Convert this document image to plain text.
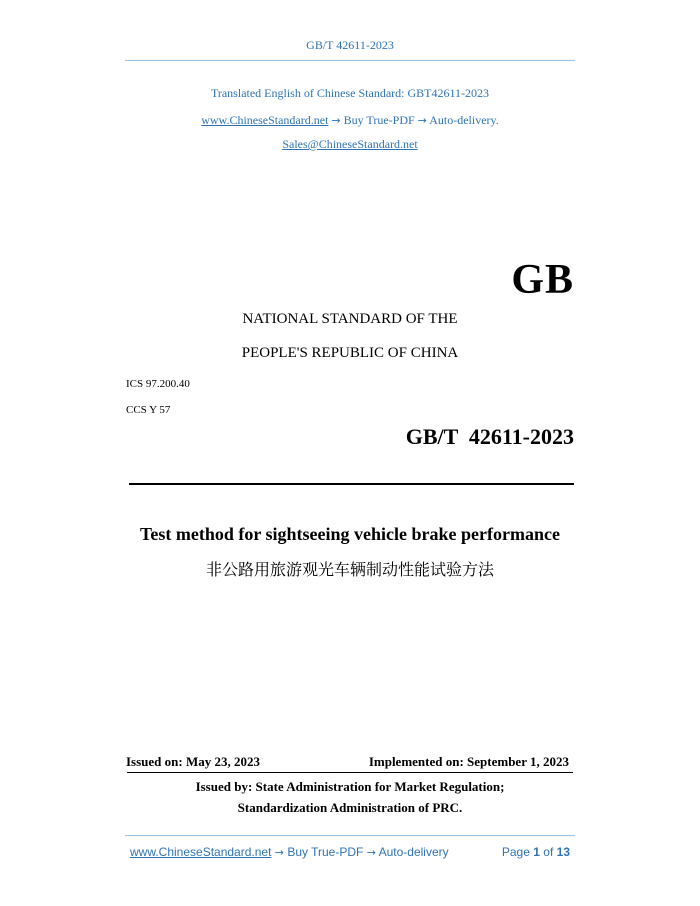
GB/T 42611-2023
Translated English of Chinese Standard: GBT42611-2023
www.ChineseStandard.net → Buy True-PDF → Auto-delivery.
Sales@ChineseStandard.net
GB
NATIONAL STANDARD OF THE
PEOPLE'S REPUBLIC OF CHINA
ICS 97.200.40
CCS Y 57
GB/T  42611-2023
Test method for sightseeing vehicle brake performance
非公路用旅游观光车辆制动性能试验方法
Issued on: May 23, 2023	Implemented on: September 1, 2023
Issued by: State Administration for Market Regulation;
Standardization Administration of PRC.
www.ChineseStandard.net → Buy True-PDF → Auto-delivery	Page 1 of 13
